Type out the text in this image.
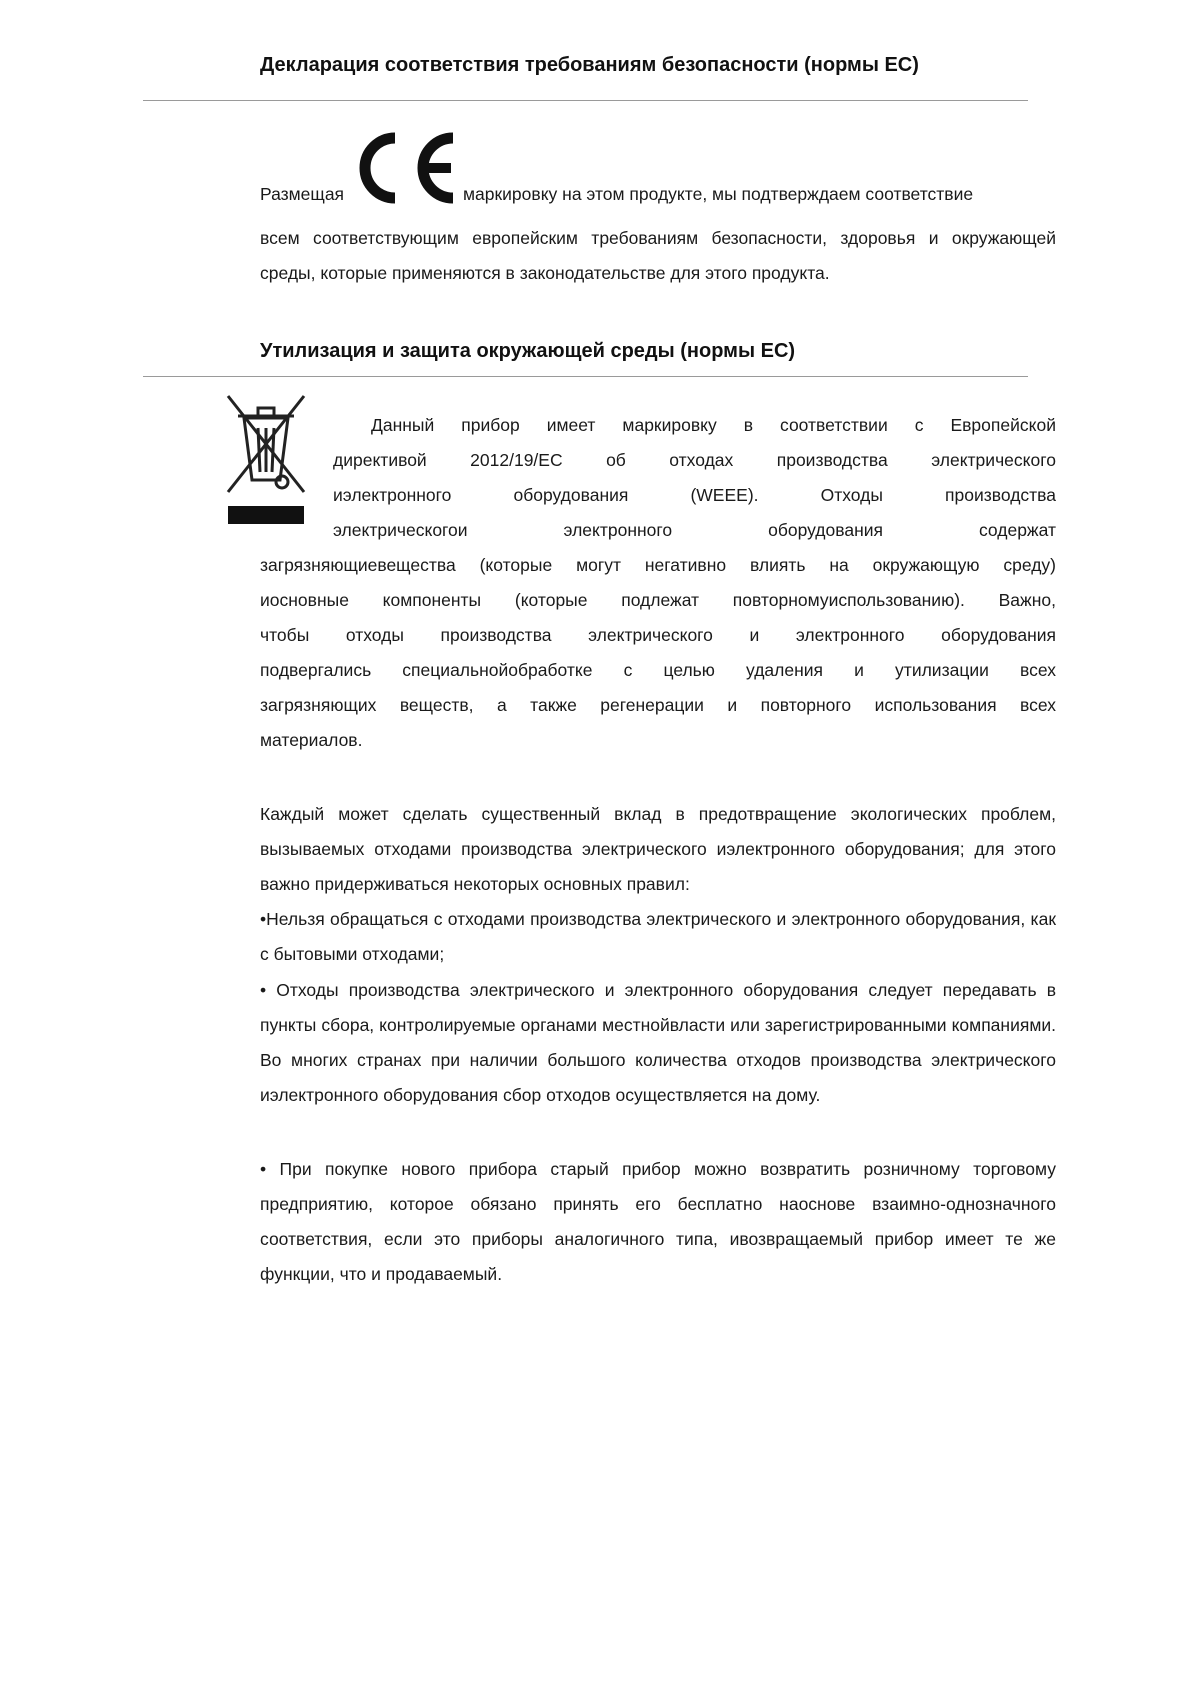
Декларация соответствия требованиям безопасности (нормы ЕС)
Размещая	маркировку на этом продукте, мы подтверждаем соответствие

всем соответствующим европейским требованиям безопасности, здоровья и окружающей среды, которые применяются в законодательстве для этого продукта.

Утилизация и защита окружающей среды (нормы ЕС)

Данный прибор имеет маркировку в соответствии с Европейской
директивой 2012/19/ЕС об отходах производства электрического
иэлектронного оборудования (WEEE). Отходы производства
электрическогои электронного оборудования содержат

загрязняющиевещества (которые могут негативно влиять на окружающую среду)
иосновные компоненты (которые подлежат повторномуиспользованию). Важно,
чтобы отходы производства электрического и электронного оборудования
подвергались специальнойобработке с целью удаления и утилизации всех
загрязняющих веществ, а также регенерации и повторного использования всех
материалов.

Каждый может сделать существенный вклад в предотвращение экологических проблем, вызываемых отходами производства электрического иэлектронного оборудования; для этого важно придерживаться некоторых основных правил:

•Нельзя обращаться с отходами производства электрического и электронного оборудования, как с бытовыми отходами;

• Отходы производства электрического и электронного оборудования следует передавать в пункты сбора, контролируемые органами местнойвласти или зарегистрированными компаниями. Во многих странах при наличии большого количества отходов производства электрического иэлектронного оборудования сбор отходов осуществляется на дому.

• При покупке нового прибора старый прибор можно возвратить розничному торговому предприятию, которое обязано принять его бесплатно наоснове взаимно-однозначного соответствия, если это приборы аналогичного типа, ивозвращаемый прибор имеет те же функции, что и продаваемый.
